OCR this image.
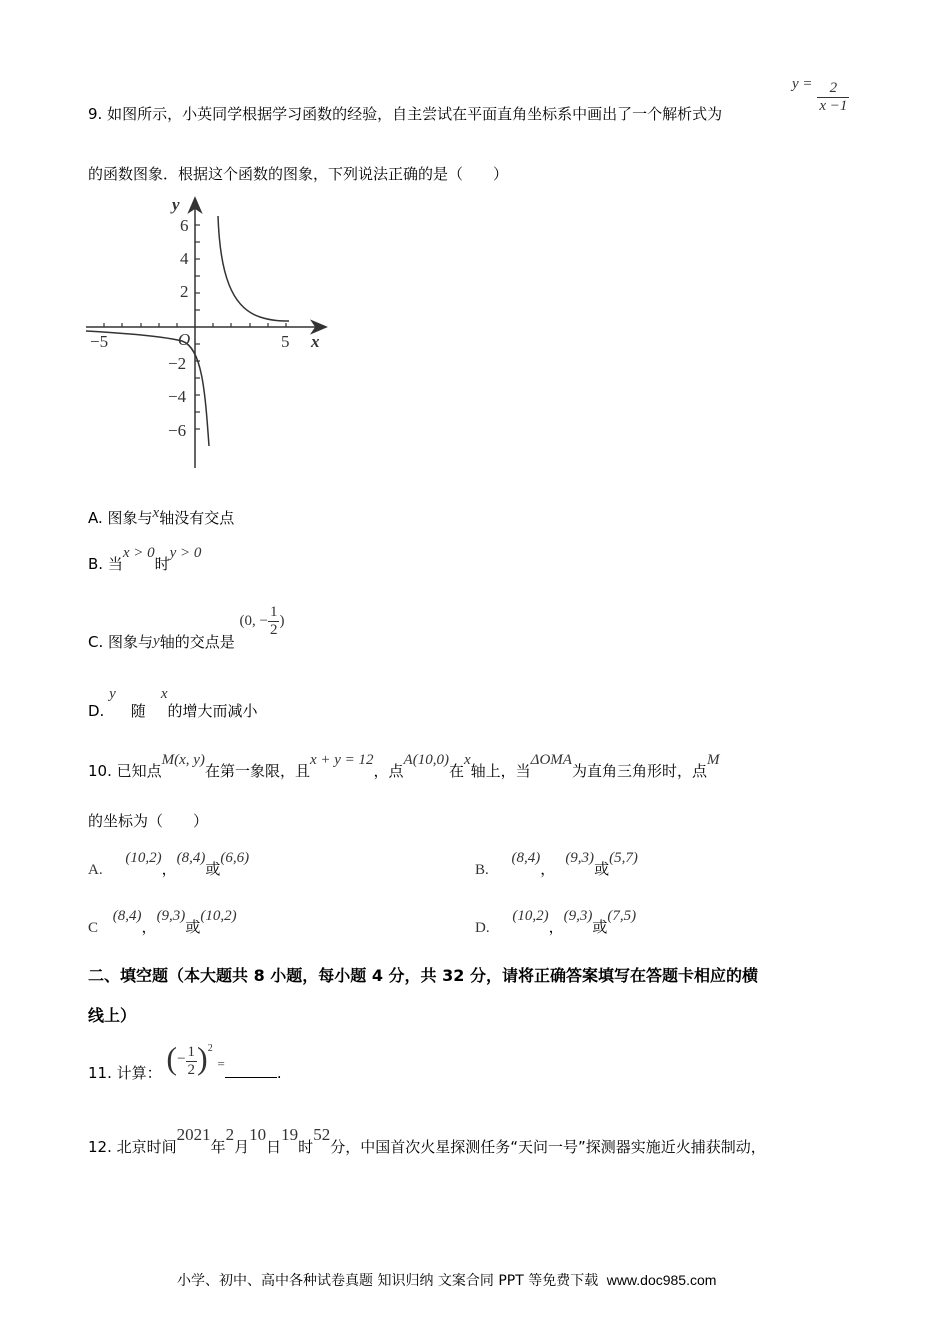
9. 如图所示，小英同学根据学习函数的经验，自主尝试在平面直角坐标系中画出了一个解析式为
$y = \frac{2}{x -1}$
的函数图象．根据这个函数的图象，下列说法正确的是（　　）
y
x
O
−5	5
6
4
2
−2
−4
−6
A. 图象与x轴没有交点
B. 当x > 0时y > 0
C. 图象与y轴的交点是 (0, − $\frac{1}{2}$ )
D. y　随　x的增大而减小
10. 已知点M(x, y)在第一象限，且x + y = 12，点A(10,0)在x轴上，当ΔOMA为直角三角形时，点M
的坐标为（　　）
A. (10,2)，(8,4)或(6,6)
B. (8,4)，(9,3)或(5,7)
C (8,4)，(9,3)或(10,2)
D. (10,2)，(9,3)或(7,5)
二、填空题（本大题共 8 小题，每小题 4 分，共 32 分，请将正确答案填写在答题卡相应的横
线上）
11. 计算： (− $\frac{1}{2} )^2$ =.
12. 北京时间2021年2月10日19时52分，中国首次火星探测任务“天问一号”探测器实施近火捕获制动，
小学、初中、高中各种试卷真题 知识归纳 文案合同 PPT 等免费下载 www.doc985.com
